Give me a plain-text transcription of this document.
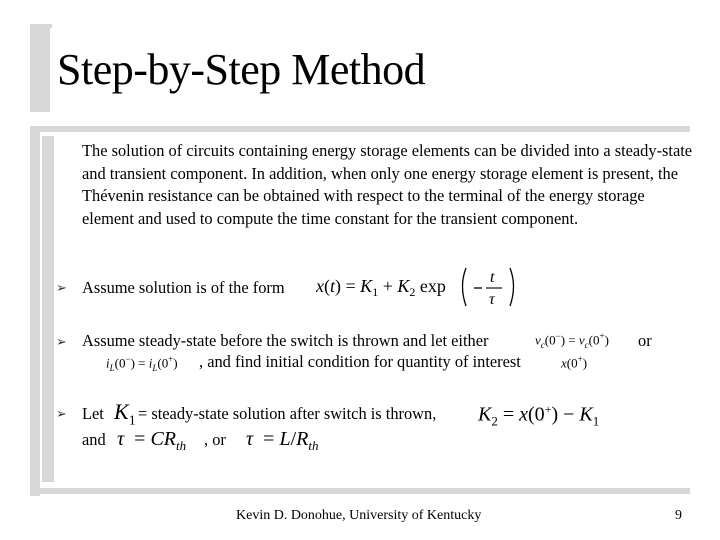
Step-by-Step Method
The solution of circuits containing energy storage elements can be divided into a steady-state and transient component. In addition, when only one energy storage element is present, the Thévenin resistance can be obtained with respect to the terminal of the energy storage element and used to compute the time constant for the transient component.
➢ Assume solution is of the form $x(t) = K_1 + K_2$ exp	t
τ
➢ Assume steady-state before the switch is thrown and let either	$v_c(0^-) = v_c(0^+)$ or
$i_L(0^-) = i_L(0^+)$ , and find initial condition for quantity of interest	x(0+)
➢ Let $K_1$ = steady-state solution after switch is thrown, $K_2 = x(0^+) - K_1$
and $\tau = CR_{th}$ , or $\tau = L/R_{th}$
Kevin D. Donohue, University of Kentucky	9
